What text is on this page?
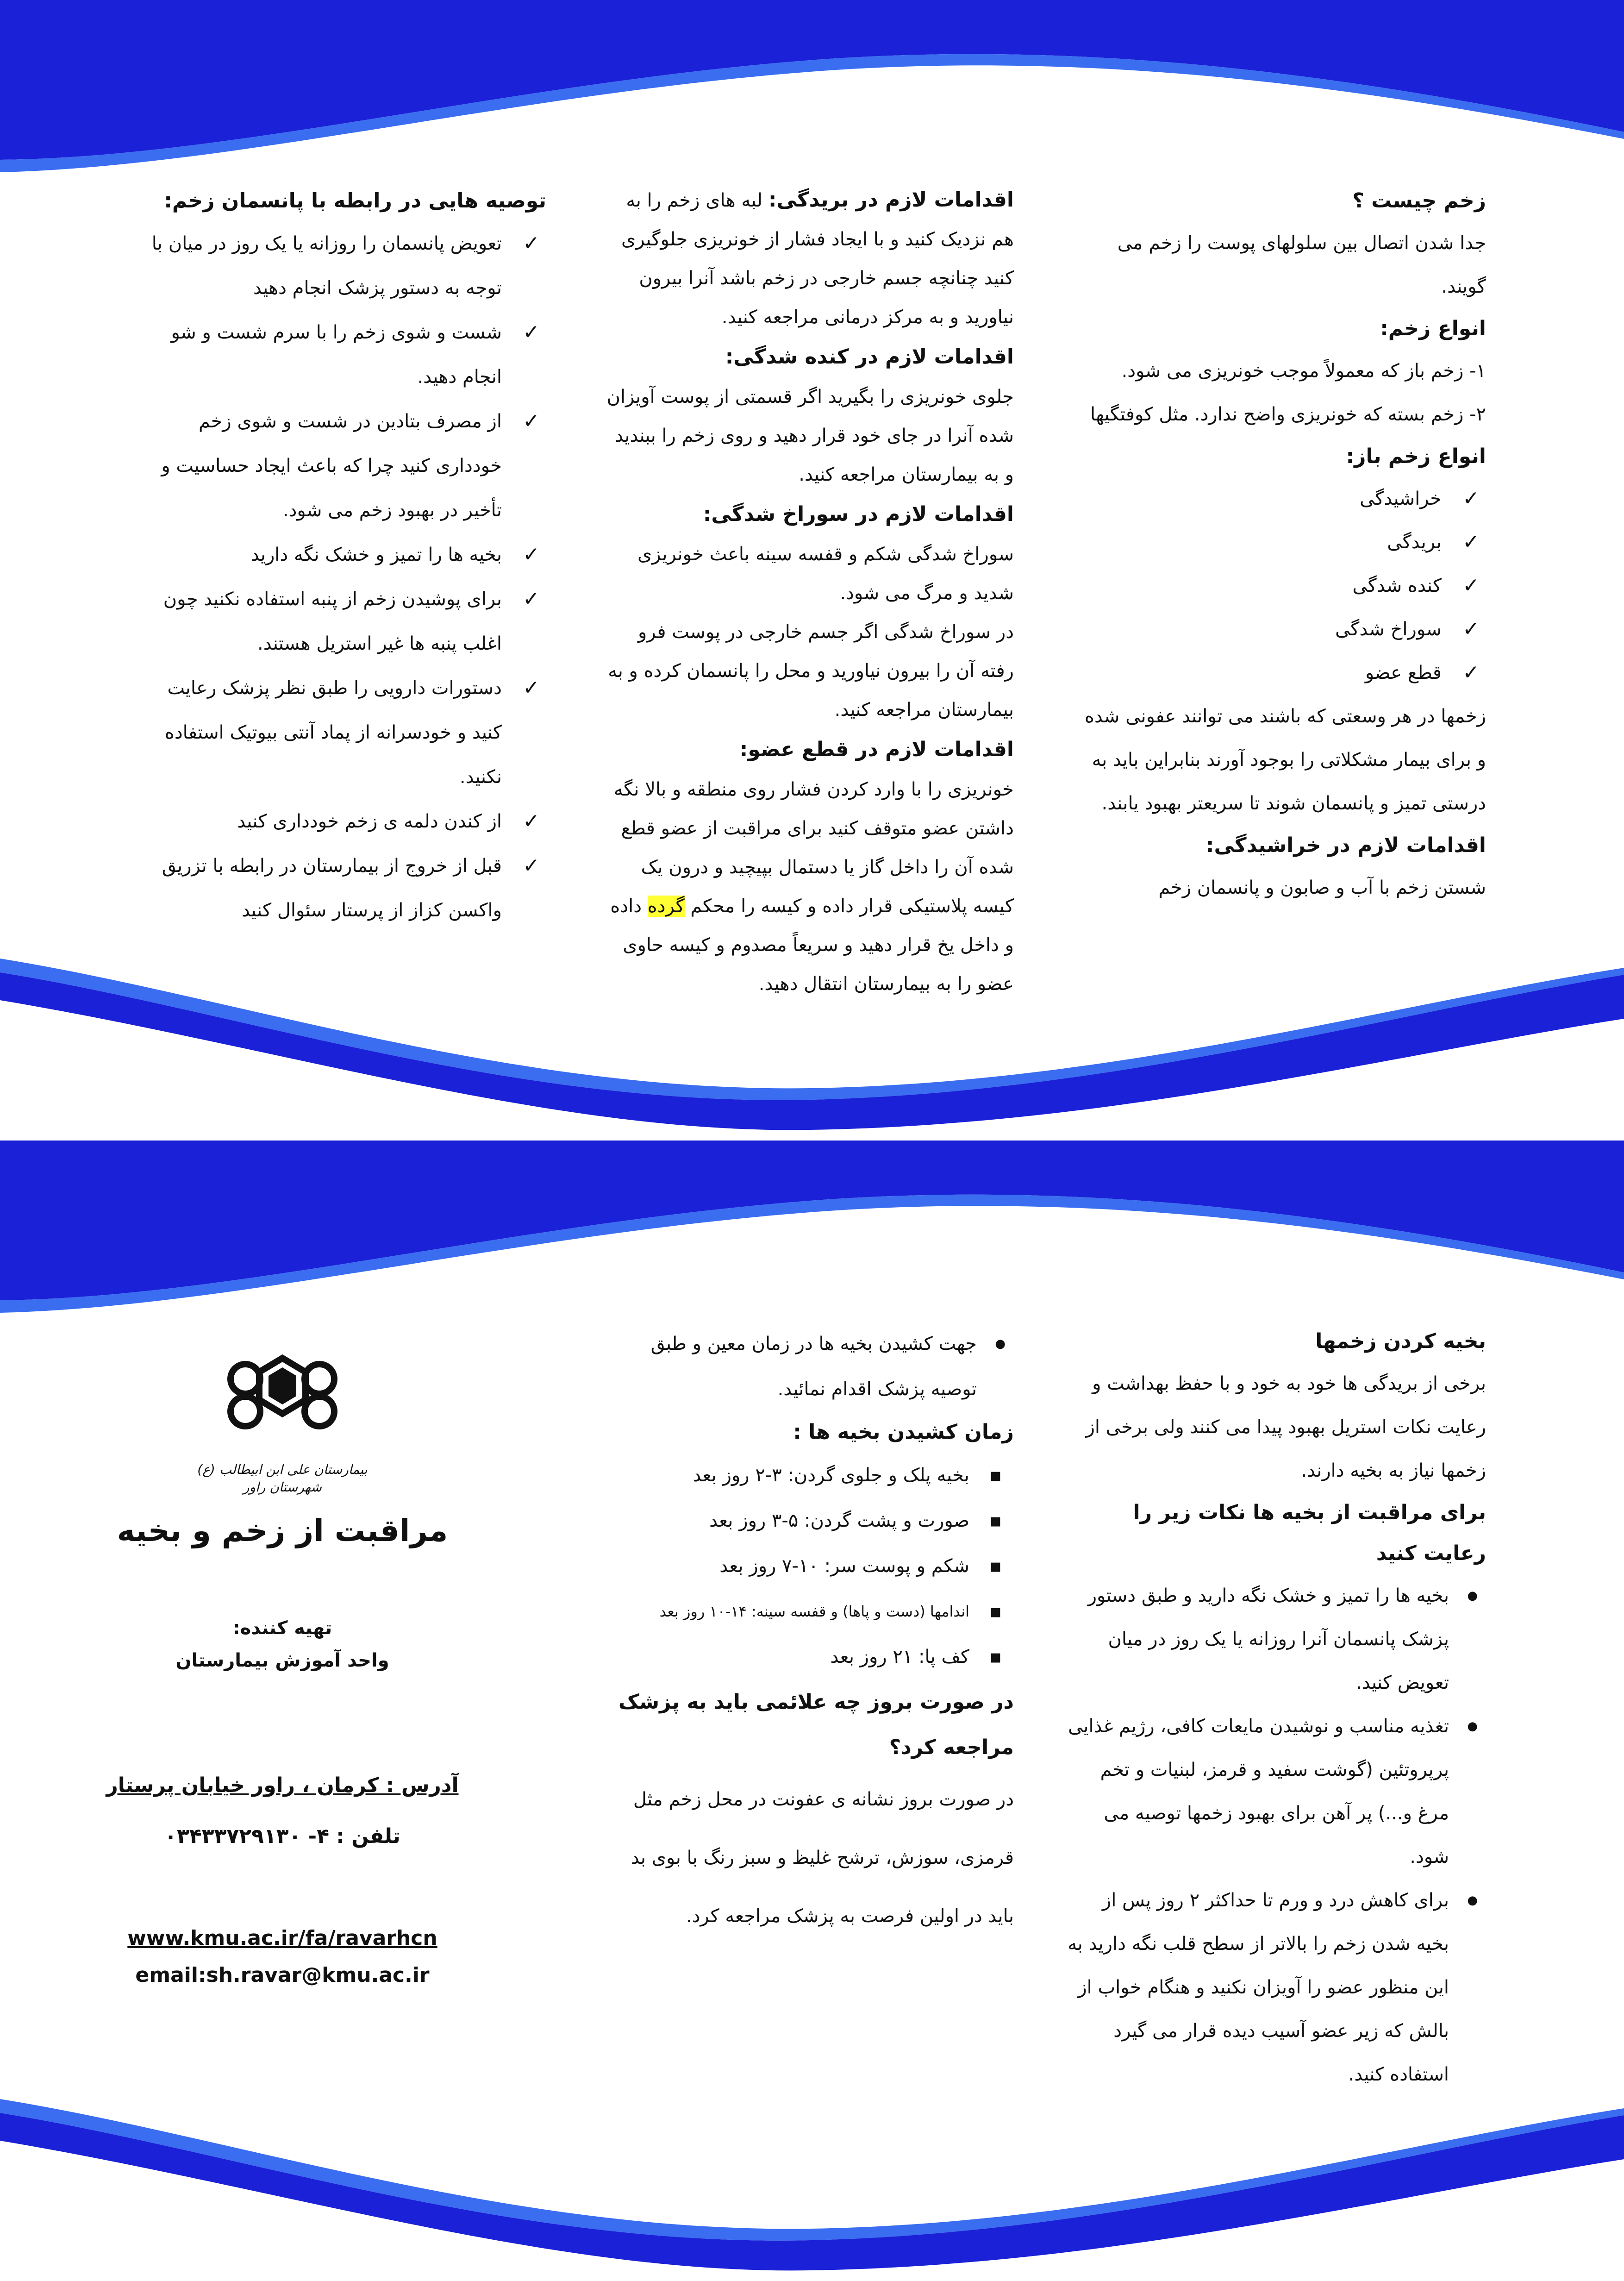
زخم چیست ؟

جدا شدن اتصال بین سلولهای پوست را زخم می گویند.

انواع زخم:

۱- زخم باز که معمولاً موجب خونریزی می شود.

۲- زخم بسته که خونریزی واضح ندارد. مثل کوفتگیها

انواع زخم باز:

✓ خراشیدگی
✓ بریدگی
✓ کنده شدگی
✓ سوراخ شدگی
✓ قطع عضو

زخمها در هر وسعتی که باشند می توانند عفونی شده و برای بیمار مشکلاتی را بوجود آورند بنابراین باید به درستی تمیز و پانسمان شوند تا سریعتر بهبود یابند.

اقدامات لازم در خراشیدگی:

شستن زخم با آب و صابون و پانسمان زخم

اقدامات لازم در بریدگی: لبه های زخم را به هم نزدیک کنید و با ایجاد فشار از خونریزی جلوگیری کنید چنانچه جسم خارجی در زخم باشد آنرا بیرون نیاورید و به مرکز درمانی مراجعه کنید.

اقدامات لازم در کنده شدگی:

جلوی خونریزی را بگیرید اگر قسمتی از پوست آویزان شده آنرا در جای خود قرار دهید و روی زخم را ببندید و به بیمارستان مراجعه کنید.

اقدامات لازم در سوراخ شدگی:

سوراخ شدگی شکم و قفسه سینه باعث خونریزی شدید و مرگ می شود.

در سوراخ شدگی اگر جسم خارجی در پوست فرو رفته آن را بیرون نیاورید و محل را پانسمان کرده و به بیمارستان مراجعه کنید.

اقدامات لازم در قطع عضو:

خونریزی را با وارد کردن فشار روی منطقه و بالا نگه داشتن عضو متوقف کنید برای مراقبت از عضو قطع شده آن را داخل گاز یا دستمال بپیچید و درون یک کیسه پلاستیکی قرار داده و کیسه را محکم گرده داده و داخل یخ قرار دهید و سریعاً مصدوم و کیسه حاوی عضو را به بیمارستان انتقال دهید.

توصیه هایی در رابطه با پانسمان زخم:

✓ تعویض پانسمان را روزانه یا یک روز در میان با توجه به دستور پزشک انجام دهید
✓ شست و شوی زخم را با سرم شست و شو انجام دهید.
✓ از مصرف بتادین در شست و شوی زخم خودداری کنید چرا که باعث ایجاد حساسیت و تأخیر در بهبود زخم می شود.
✓ بخیه ها را تمیز و خشک نگه دارید
✓ برای پوشیدن زخم از پنبه استفاده نکنید چون اغلب پنبه ها غیر استریل هستند.
✓ دستورات دارویی را طبق نظر پزشک رعایت کنید و خودسرانه از پماد آنتی بیوتیک استفاده نکنید.
✓ از کندن دلمه ی زخم خودداری کنید
✓ قبل از خروج از بیمارستان در رابطه با تزریق واکسن کزاز از پرستار سئوال کنید

بخیه کردن زخمها

برخی از بریدگی ها خود به خود و با حفظ بهداشت و رعایت نکات استریل بهبود پیدا می کنند ولی برخی از زخمها نیاز به بخیه دارند.

برای مراقبت از بخیه ها نکات زیر را رعایت کنید

● بخیه ها را تمیز و خشک نگه دارید و طبق دستور پزشک پانسمان آنرا روزانه یا یک روز در میان تعویض کنید.
● تغذیه مناسب و نوشیدن مایعات کافی، رژیم غذایی پرپروتئین (گوشت سفید و قرمز، لبنیات و تخم مرغ و...) پر آهن برای بهبود زخمها توصیه می شود.
● برای کاهش درد و ورم تا حداکثر ۲ روز پس از بخیه شدن زخم را بالاتر از سطح قلب نگه دارید به این منظور عضو را آویزان نکنید و هنگام خواب از بالش که زیر عضو آسیب دیده قرار می گیرد استفاده کنید.
● جهت کشیدن بخیه ها در زمان معین و طبق توصیه پزشک اقدام نمائید.

زمان کشیدن بخیه ها :

▪ بخیه پلک و جلوی گردن: ۳-۲ روز بعد
▪ صورت و پشت گردن: ۵-۳ روز بعد
▪ شکم و پوست سر: ۱۰-۷ روز بعد
▪ اندامها (دست و پاها) و قفسه سینه: ۱۴-۱۰ روز بعد
▪ کف پا: ۲۱ روز بعد

در صورت بروز چه علائمی باید به پزشک مراجعه کرد؟

در صورت بروز نشانه ی عفونت در محل زخم مثل قرمزی، سوزش، ترشح غلیظ و سبز رنگ با بوی بد باید در اولین فرصت به پزشک مراجعه کرد.

بیمارستان علی ابن ابیطالب (ع)
شهرستان راور
مراقبت از زخم و بخیه
تهیه کننده:
واحد آموزش بیمارستان
آدرس : کرمان ، راور خیابان پرستار
تلفن : ۴- ۰۳۴۳۳۷۲۹۱۳۰
www.kmu.ac.ir/fa/ravarhcn
email:sh.ravar@kmu.ac.ir
